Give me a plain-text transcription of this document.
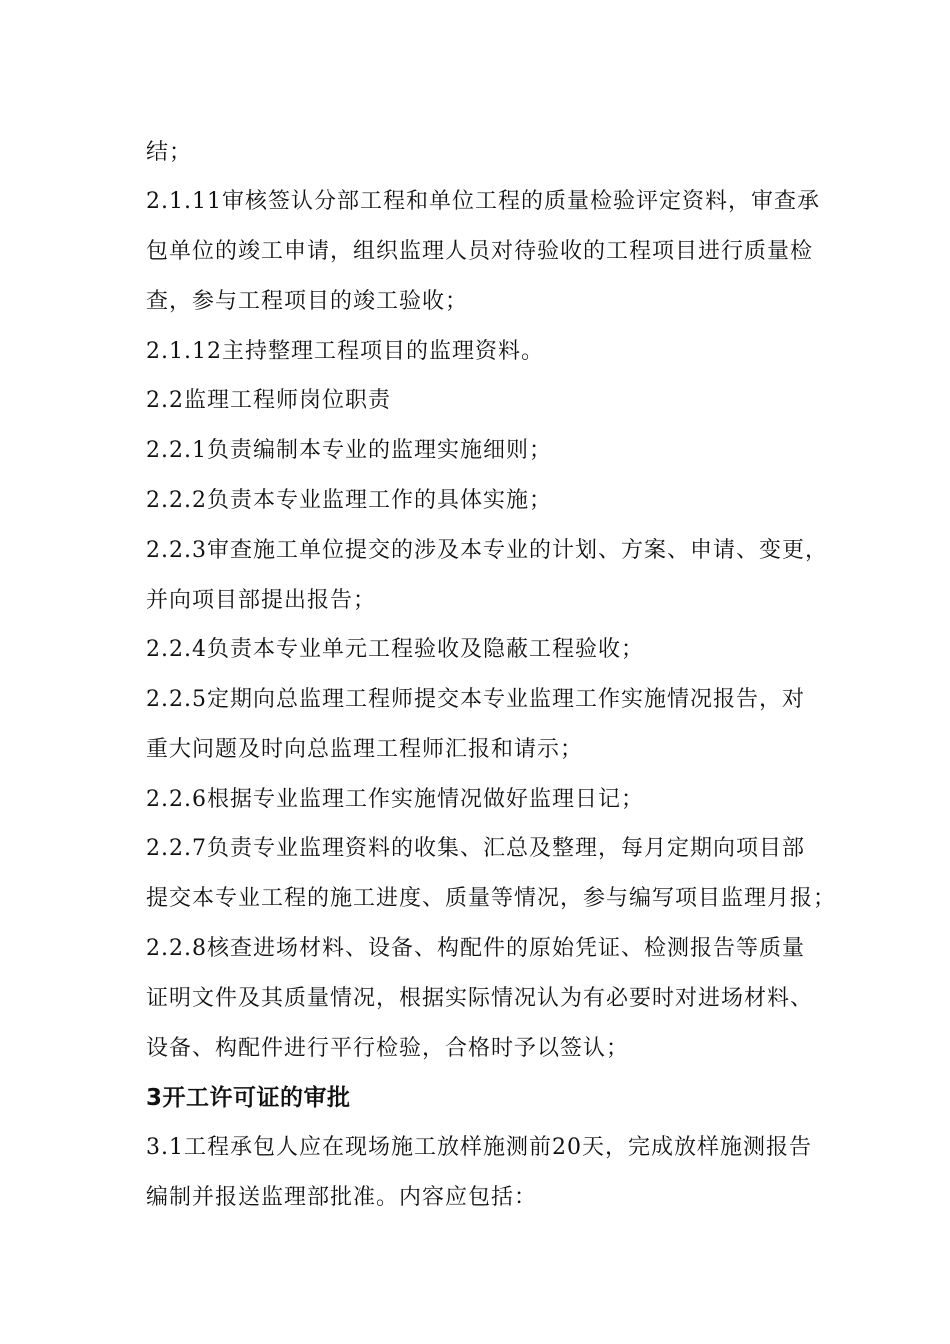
结；
2.1.11审核签认分部工程和单位工程的质量检验评定资料，审查承
包单位的竣工申请，组织监理人员对待验收的工程项目进行质量检
查，参与工程项目的竣工验收；
2.1.12主持整理工程项目的监理资料。
2.2监理工程师岗位职责
2.2.1负责编制本专业的监理实施细则；
2.2.2负责本专业监理工作的具体实施；
2.2.3审查施工单位提交的涉及本专业的计划、方案、申请、变更，
并向项目部提出报告；
2.2.4负责本专业单元工程验收及隐蔽工程验收；
2.2.5定期向总监理工程师提交本专业监理工作实施情况报告，对
重大问题及时向总监理工程师汇报和请示；
2.2.6根据专业监理工作实施情况做好监理日记；
2.2.7负责专业监理资料的收集、汇总及整理，每月定期向项目部
提交本专业工程的施工进度、质量等情况，参与编写项目监理月报；
2.2.8核查进场材料、设备、构配件的原始凭证、检测报告等质量
证明文件及其质量情况，根据实际情况认为有必要时对进场材料、
设备、构配件进行平行检验，合格时予以签认；
3开工许可证的审批
3.1工程承包人应在现场施工放样施测前20天，完成放样施测报告
编制并报送监理部批准。内容应包括：
